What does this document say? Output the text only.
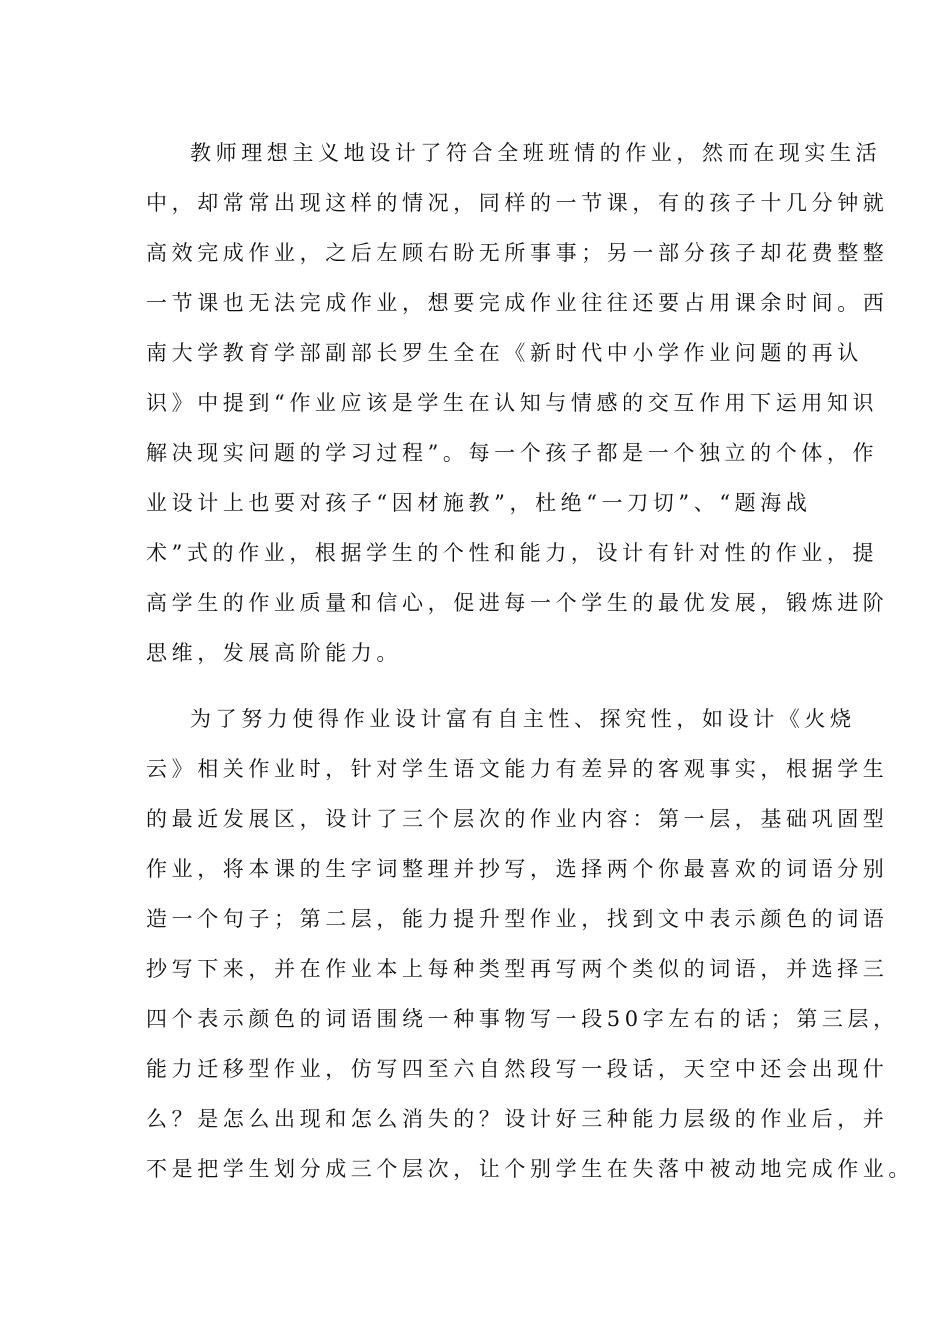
教师理想主义地设计了符合全班班情的作业，然而在现实生活
中，却常常出现这样的情况，同样的一节课，有的孩子十几分钟就
高效完成作业，之后左顾右盼无所事事；另一部分孩子却花费整整
一节课也无法完成作业，想要完成作业往往还要占用课余时间。西
南大学教育学部副部长罗生全在《新时代中小学作业问题的再认
识》中提到“作业应该是学生在认知与情感的交互作用下运用知识
解决现实问题的学习过程”。每一个孩子都是一个独立的个体，作
业设计上也要对孩子“因材施教”，杜绝“一刀切”、“题海战
术”式的作业，根据学生的个性和能力，设计有针对性的作业，提
高学生的作业质量和信心，促进每一个学生的最优发展，锻炼进阶
思维，发展高阶能力。
为了努力使得作业设计富有自主性、探究性，如设计《火烧
云》相关作业时，针对学生语文能力有差异的客观事实，根据学生
的最近发展区，设计了三个层次的作业内容：第一层，基础巩固型
作业，将本课的生字词整理并抄写，选择两个你最喜欢的词语分别
造一个句子；第二层，能力提升型作业，找到文中表示颜色的词语
抄写下来，并在作业本上每种类型再写两个类似的词语，并选择三
四个表示颜色的词语围绕一种事物写一段50字左右的话；第三层，
能力迁移型作业，仿写四至六自然段写一段话，天空中还会出现什
么？是怎么出现和怎么消失的？设计好三种能力层级的作业后，并
不是把学生划分成三个层次，让个别学生在失落中被动地完成作业。
